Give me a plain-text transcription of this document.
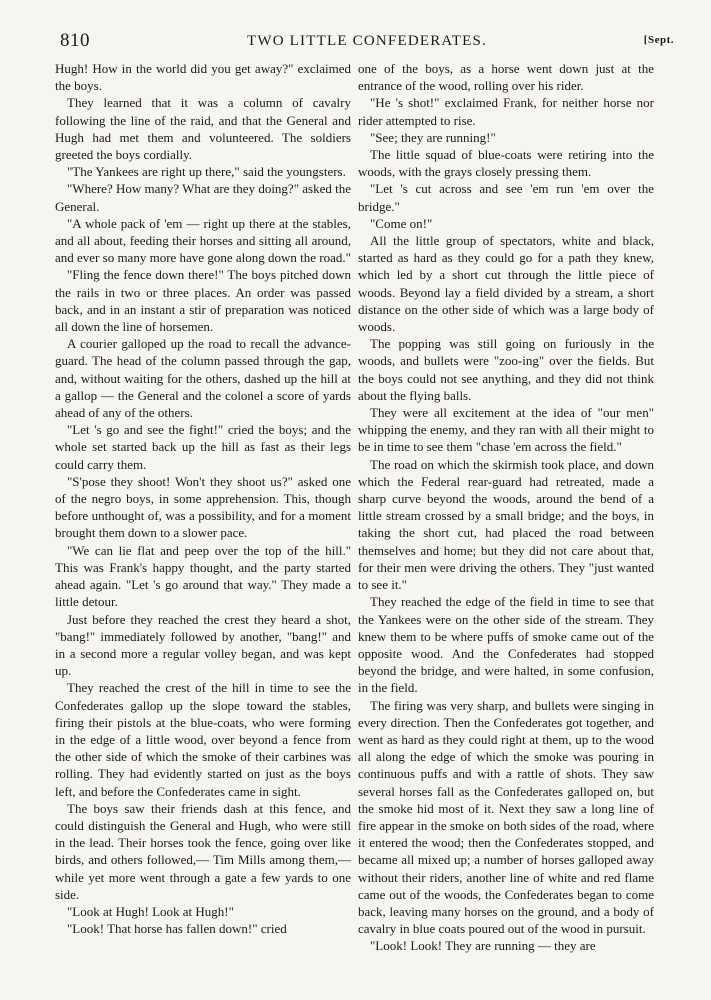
810	TWO LITTLE CONFEDERATES.	[Sept.

Hugh! How in the world did you get away?" exclaimed the boys.

They learned that it was a column of cavalry following the line of the raid, and that the General and Hugh had met them and volunteered. The soldiers greeted the boys cordially.

"The Yankees are right up there," said the youngsters.

"Where? How many? What are they doing?" asked the General.

"A whole pack of 'em — right up there at the stables, and all about, feeding their horses and sitting all around, and ever so many more have gone along down the road."

"Fling the fence down there!" The boys pitched down the rails in two or three places. An order was passed back, and in an instant a stir of preparation was noticed all down the line of horsemen.

A courier galloped up the road to recall the advance-guard. The head of the column passed through the gap, and, without waiting for the others, dashed up the hill at a gallop — the General and the colonel a score of yards ahead of any of the others.

"Let 's go and see the fight!" cried the boys; and the whole set started back up the hill as fast as their legs could carry them.

"S'pose they shoot! Won't they shoot us?" asked one of the negro boys, in some apprehension. This, though before unthought of, was a possibility, and for a moment brought them down to a slower pace.

"We can lie flat and peep over the top of the hill." This was Frank's happy thought, and the party started ahead again. "Let 's go around that way." They made a little detour.

Just before they reached the crest they heard a shot, "bang!" immediately followed by another, "bang!" and in a second more a regular volley began, and was kept up.

They reached the crest of the hill in time to see the Confederates gallop up the slope toward the stables, firing their pistols at the blue-coats, who were forming in the edge of a little wood, over beyond a fence from the other side of which the smoke of their carbines was rolling. They had evidently started on just as the boys left, and before the Confederates came in sight.

The boys saw their friends dash at this fence, and could distinguish the General and Hugh, who were still in the lead. Their horses took the fence, going over like birds, and others followed,— Tim Mills among them,— while yet more went through a gate a few yards to one side.

"Look at Hugh! Look at Hugh!"

"Look! That horse has fallen down!" cried

one of the boys, as a horse went down just at the entrance of the wood, rolling over his rider.

"He 's shot!" exclaimed Frank, for neither horse nor rider attempted to rise.

"See; they are running!"

The little squad of blue-coats were retiring into the woods, with the grays closely pressing them.

"Let 's cut across and see 'em run 'em over the bridge."

"Come on!"

All the little group of spectators, white and black, started as hard as they could go for a path they knew, which led by a short cut through the little piece of woods. Beyond lay a field divided by a stream, a short distance on the other side of which was a large body of woods.

The popping was still going on furiously in the woods, and bullets were "zoo-ing" over the fields. But the boys could not see anything, and they did not think about the flying balls.

They were all excitement at the idea of "our men" whipping the enemy, and they ran with all their might to be in time to see them "chase 'em across the field."

The road on which the skirmish took place, and down which the Federal rear-guard had retreated, made a sharp curve beyond the woods, around the bend of a little stream crossed by a small bridge; and the boys, in taking the short cut, had placed the road between themselves and home; but they did not care about that, for their men were driving the others. They "just wanted to see it."

They reached the edge of the field in time to see that the Yankees were on the other side of the stream. They knew them to be where puffs of smoke came out of the opposite wood. And the Confederates had stopped beyond the bridge, and were halted, in some confusion, in the field.

The firing was very sharp, and bullets were singing in every direction. Then the Confederates got together, and went as hard as they could right at them, up to the wood all along the edge of which the smoke was pouring in continuous puffs and with a rattle of shots. They saw several horses fall as the Confederates galloped on, but the smoke hid most of it. Next they saw a long line of fire appear in the smoke on both sides of the road, where it entered the wood; then the Confederates stopped, and became all mixed up; a number of horses galloped away without their riders, another line of white and red flame came out of the woods, the Confederates began to come back, leaving many horses on the ground, and a body of cavalry in blue coats poured out of the wood in pursuit.

"Look! Look! They are running — they are
